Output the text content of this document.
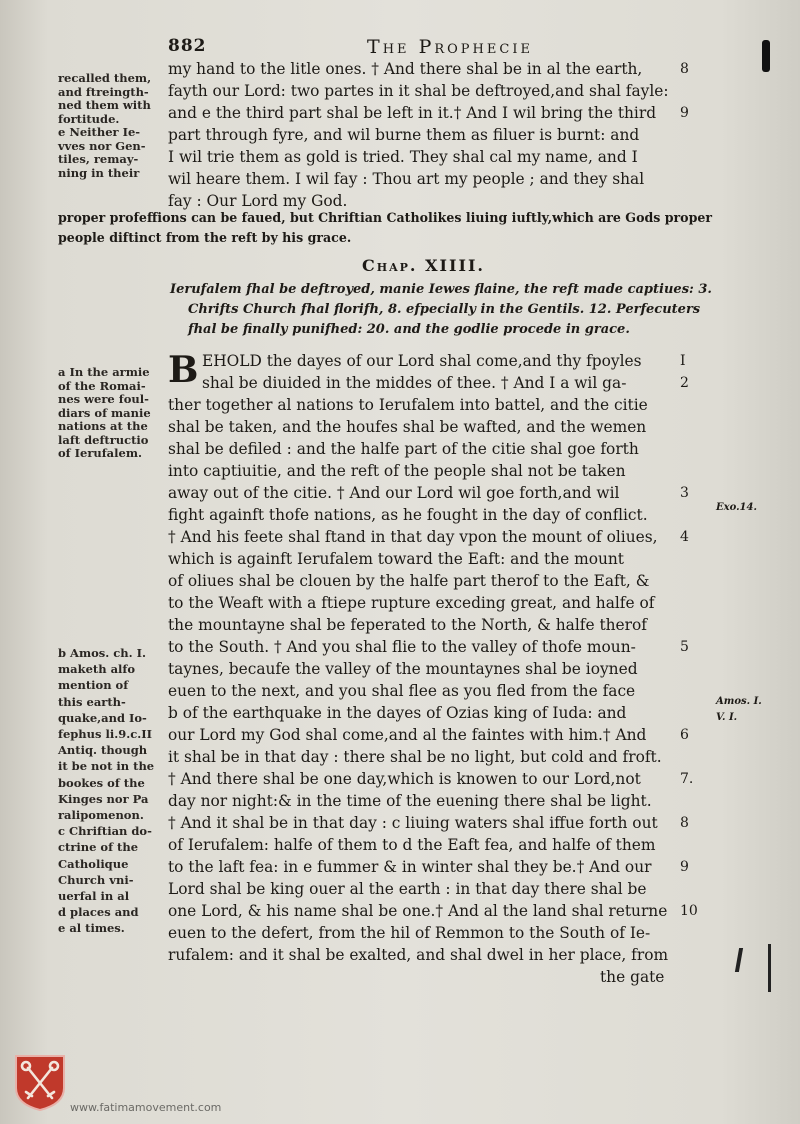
882	The Prophecie
recalled them,
and ftreingth-
ned them with
fortitude.
e Neither Ie-
vves nor Gen-
tiles, remay-
ning in their
my hand to the litle ones. † And there shal be in al the earth,	8
fayth our Lord: two partes in it shal be deftroyed,and shal fayle:
and e the third part shal be left in it.† And I wil bring the third 9
part through fyre, and wil burne them as filuer is burnt: and
I wil trie them as gold is tried. They shal cal my name, and I
wil heare them. I wil fay : Thou art my people ; and they shal
fay : Our Lord my God.
proper profeffions can be faued, but Chriftian Catholikes liuing iuftly,which are Gods proper
people diftinct from the reft by his grace.
Chap. XIIII.
Ierufalem fhal be deftroyed, manie Iewes flaine, the reft made captiues: 3.
Chrifts Church fhal florifh, 8. efpecially in the Gentils. 12. Perfecuters
fhal be finally punifhed: 20. and the godlie procede in grace.
a In the armie
of the Romai-
nes were foul-
diars of manie
nations at the
laft deftructio
of Ierufalem.
b Amos. ch. I.
maketh alfo
mention of
this earth-
quake,and Io-
fephus li.9.c.II
Antiq. though
it be not in the
bookes of the
Kinges nor Pa
ralipomenon.
c Chriftian do-
ctrine of the
Catholique
Church vni-
uerfal in al
d places and
e al times.
Exo.14.
Amos. I.
V. I.
B EHOLD the dayes of our Lord shal come,and thy fpoyles	I
shal be diuided in the middes of thee. † And I a wil ga-	2
ther together al nations to Ierufalem into battel, and the citie
shal be taken, and the houfes shal be wafted, and the wemen
shal be defiled : and the halfe part of the citie shal goe forth
into captiuitie, and the reft of the people shal not be taken
away out of the citie. † And our Lord wil goe forth,and wil	3
fight againft thofe nations, as he fought in the day of conflict.
† And his feete shal ftand in that day vpon the mount of oliues, 4
which is againft Ierufalem toward the Eaft: and the mount
of oliues shal be clouen by the halfe part therof to the Eaft, &
to the Weaft with a ftiepe rupture exceding great, and halfe of
the mountayne shal be feperated to the North, & halfe therof
to the South. † And you shal flie to the valley of thofe moun-	5
taynes, becaufe the valley of the mountaynes shal be ioyned
euen to the next, and you shal flee as you fled from the face
b of the earthquake in the dayes of Ozias king of Iuda: and
our Lord my God shal come,and al the faintes with him.† And 6
it shal be in that day : there shal be no light, but cold and froft.
† And there shal be one day,which is knowen to our Lord,not	7.
day nor night:& in the time of the euening there shal be light.
† And it shal be in that day : c liuing waters shal iffue forth out 8
of Ierufalem: halfe of them to d the Eaft fea, and halfe of them
to the laft fea: in e fummer & in winter shal they be.† And our 9
Lord shal be king ouer al the earth : in that day there shal be
one Lord, & his name shal be one.† And al the land shal returne 10
euen to the defert, from the hil of Remmon to the South of Ie-
rufalem: and it shal be exalted, and shal dwel in her place, from
the gate
www.fatimamovement.com
